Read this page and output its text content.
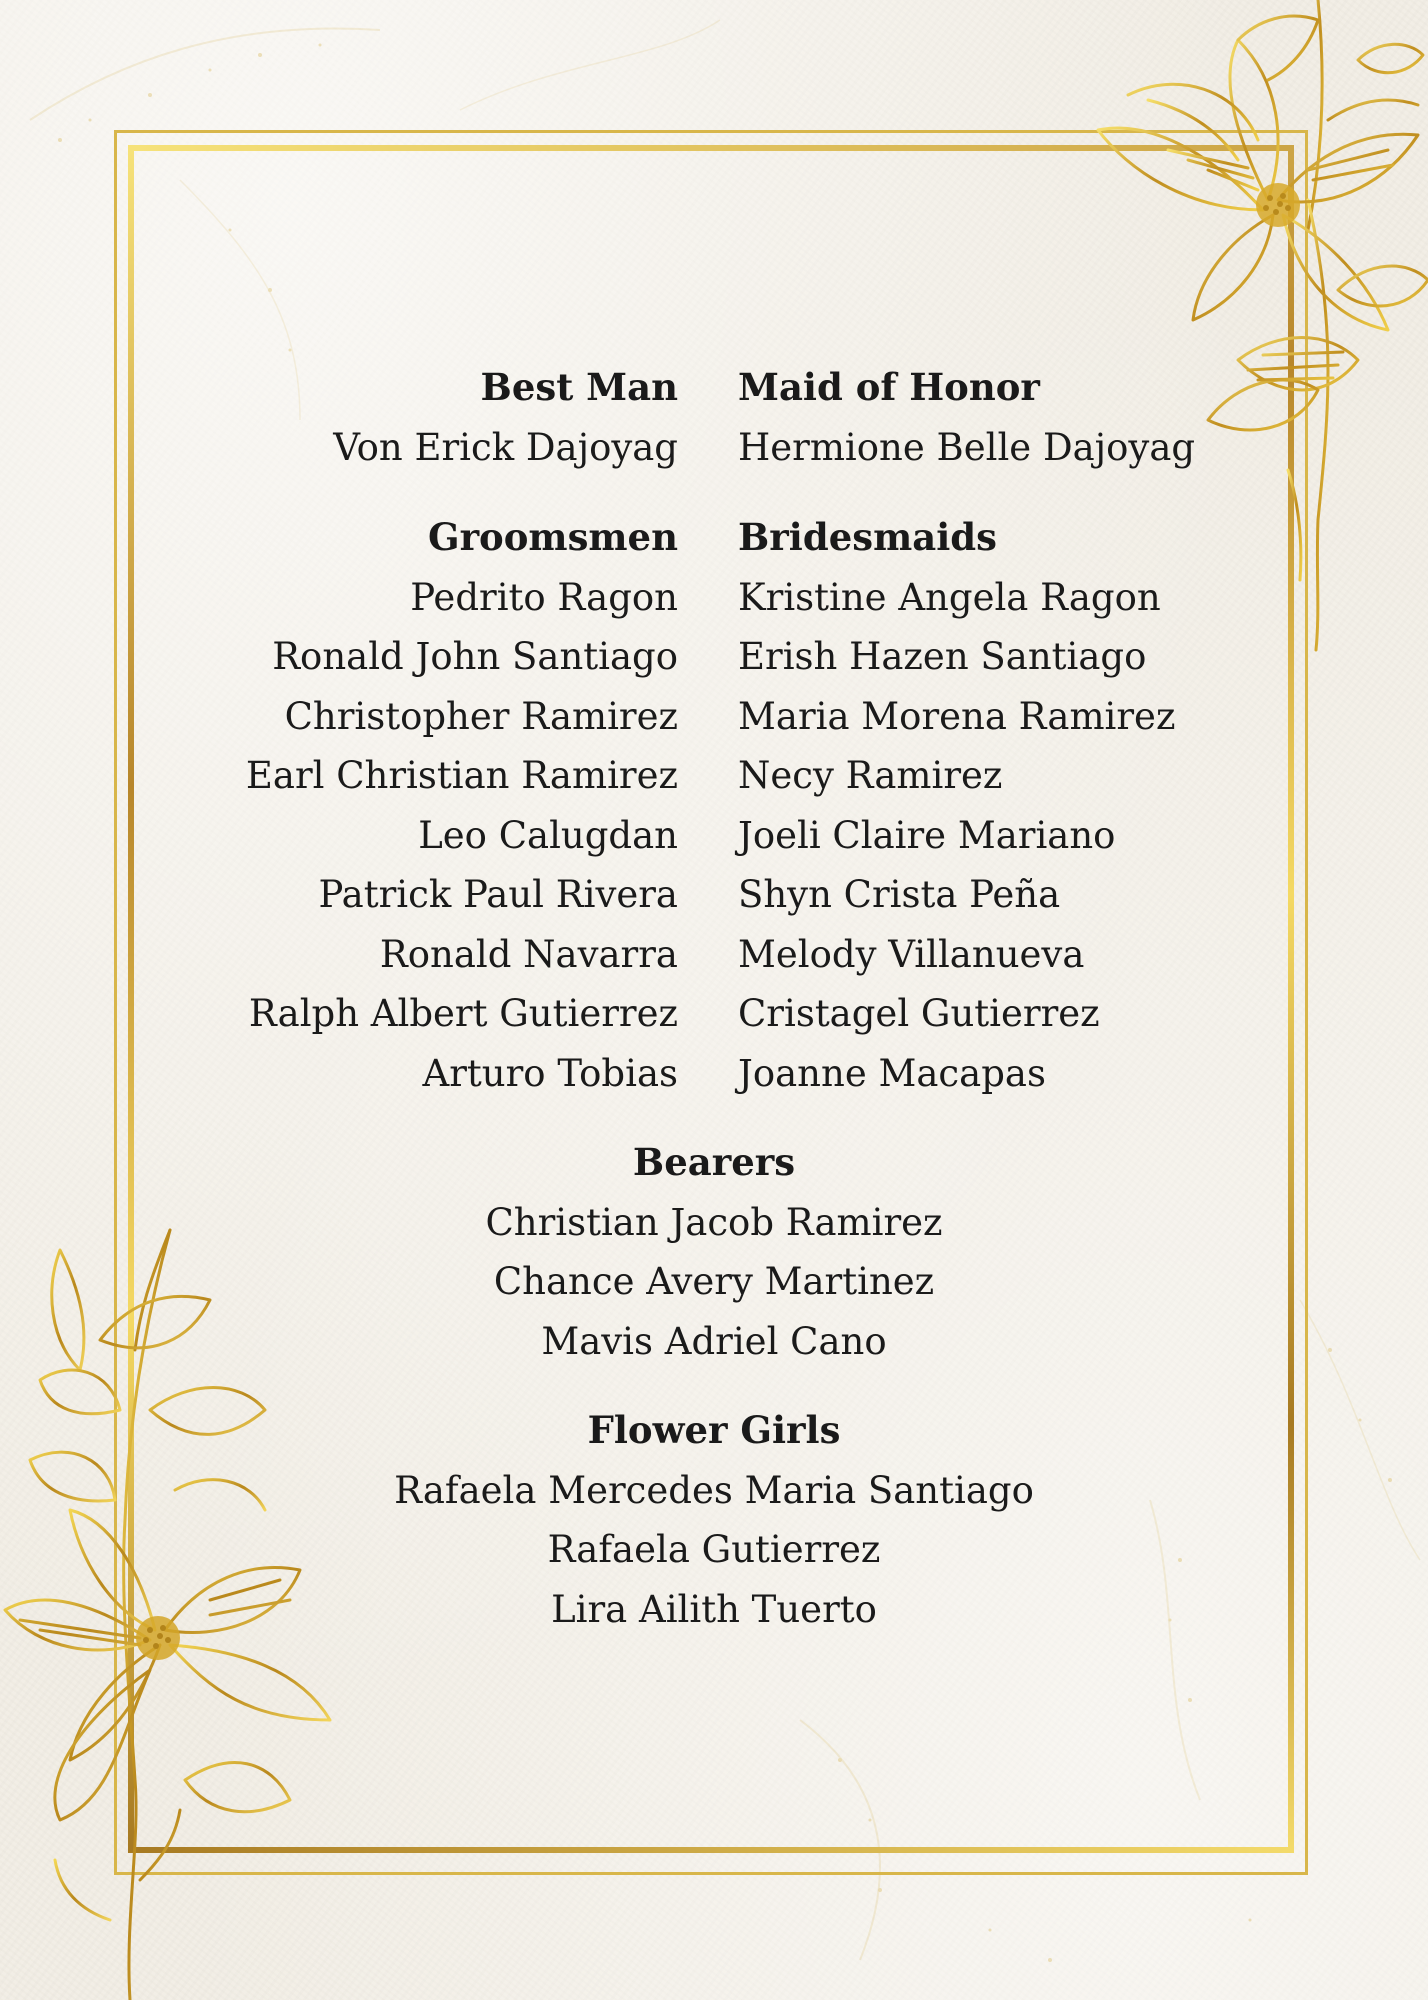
Best Man
Von Erick Dajoyag
Groomsmen
Pedrito Ragon
Ronald John Santiago
Christopher Ramirez
Earl Christian Ramirez
Leo Calugdan
Patrick Paul Rivera
Ronald Navarra
Ralph Albert Gutierrez
Arturo Tobias
Maid of Honor
Hermione Belle Dajoyag
Bridesmaids
Kristine Angela Ragon
Erish Hazen Santiago
Maria Morena Ramirez
Necy Ramirez
Joeli Claire Mariano
Shyn Crista Peña
Melody Villanueva
Cristagel Gutierrez
Joanne Macapas
Bearers
Christian Jacob Ramirez
Chance Avery Martinez
Mavis Adriel Cano
Flower Girls
Rafaela Mercedes Maria Santiago
Rafaela Gutierrez
Lira Ailith Tuerto
